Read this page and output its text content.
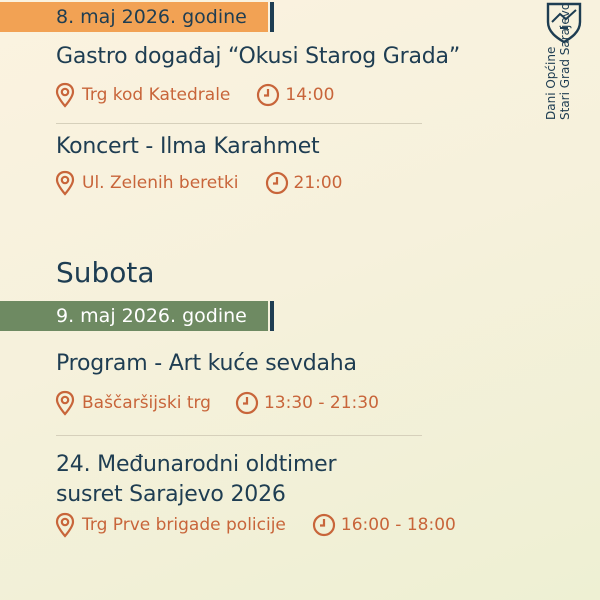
8. maj 2026. godine
Gastro događaj “Okusi Starog Grada”
Trg kod Katedrale	14:00
Koncert - Ilma Karahmet
Ul. Zelenih beretki	21:00
Subota
9. maj 2026. godine
Program - Art kuće sevdaha
Baščaršijski trg	13:30 - 21:30
24. Međunarodni oldtimer
susret Sarajevo 2026
Trg Prve brigade policije	16:00 - 18:00
Dani Općine Stari Grad Sarajevo
